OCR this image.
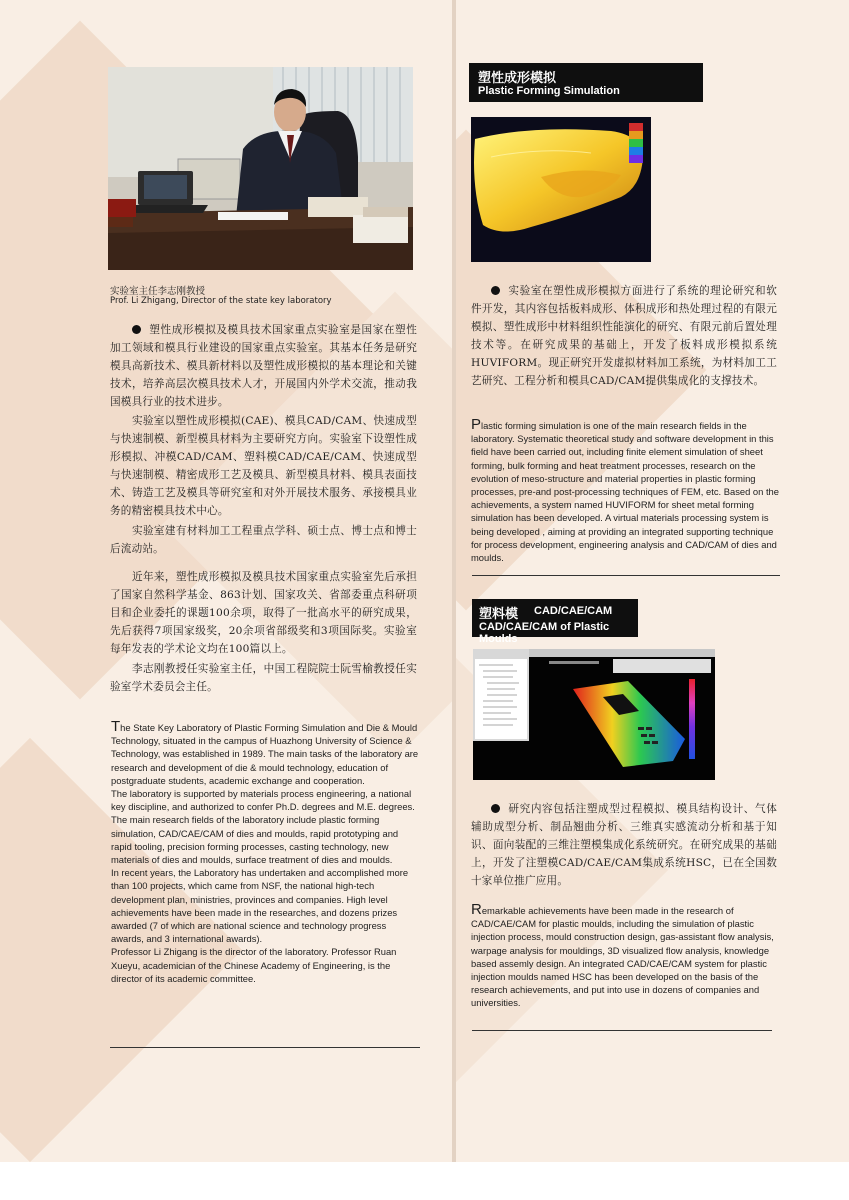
实验室主任李志刚教授
Prof. Li Zhigang, Director of the state key laboratory
塑性成形模拟及模具技术国家重点实验室是国家在塑性加工领域和模具行业建设的国家重点实验室。其基本任务是研究模具高新技术、模具新材料以及塑性成形模拟的基本理论和关键技术，培养高层次模具技术人才，开展国内外学术交流，推动我国模具行业的技术进步。
实验室以塑性成形模拟(CAE)、模具CAD/CAM、快速成型与快速制模、新型模具材料为主要研究方向。实验室下设塑性成形模拟、冲模CAD/CAM、塑料模CAD/CAE/CAM、快速成型与快速制模、精密成形工艺及模具、新型模具材料、模具表面技术、铸造工艺及模具等研究室和对外开展技术服务、承接模具业务的精密模具技术中心。
实验室建有材料加工工程重点学科、硕士点、博士点和博士后流动站。
近年来，塑性成形模拟及模具技术国家重点实验室先后承担了国家自然科学基金、863计划、国家攻关、省部委重点科研项目和企业委托的课题100余项，取得了一批高水平的研究成果，先后获得7项国家级奖，20余项省部级奖和3项国际奖。实验室每年发表的学术论文均在100篇以上。
李志刚教授任实验室主任，中国工程院院士阮雪榆教授任实验室学术委员会主任。
The State Key Laboratory of Plastic Forming Simulation and Die & Mould Technology, situated in the campus of Huazhong University of Science & Technology, was established in 1989. The main tasks of the laboratory are research and development of die & mould technology, education of postgraduate students, academic exchange and cooperation.
The laboratory is supported by materials process engineering, a national key discipline, and authorized to confer Ph.D. degrees and M.E. degrees.
The main research fields of the laboratory include plastic forming simulation, CAD/CAE/CAM of dies and moulds, rapid prototyping and rapid tooling, precision forming processes, casting technology, new materials of dies and moulds, surface treatment of dies and moulds.
In recent years, the Laboratory has undertaken and accomplished more than 100 projects, which came from NSF, the national high-tech development plan, ministries, provinces and companies. High level achievements have been made in the researches, and dozens prizes awarded (7 of which are national science and technology progress awards, and 3 international awards).
Professor Li Zhigang is the director of the laboratory. Professor Ruan Xueyu, academician of the Chinese Academy of Engineering, is the director of its academic committee.
塑性成形模拟
Plastic Forming Simulation
实验室在塑性成形模拟方面进行了系统的理论研究和软件开发，其内容包括板料成形、体积成形和热处理过程的有限元模拟、塑性成形中材料组织性能演化的研究、有限元前后置处理技术等。在研究成果的基础上，开发了板料成形模拟系统HUVIFORM。现正研究开发虚拟材料加工系统，为材料加工工艺研究、工程分析和模具CAD/CAM提供集成化的支撑技术。
Plastic forming simulation is one of the main research fields in the laboratory. Systematic theoretical study and software development in this field have been carried out, including finite element simulation of sheet forming, bulk forming and heat treatment processes, research on the evolution of meso-structure and material properties in plastic forming processes, pre-and post-processing techniques of FEM, etc. Based on the achievements, a system named HUVIFORM for sheet metal forming simulation has been developed. A virtual materials processing system is being developed , aiming at providing an integrated supporting technique for process development, engineering analysis and CAD/CAM of dies and moulds.
塑料模 CAD/CAE/CAM
CAD/CAE/CAM of Plastic Moulds
研究内容包括注塑成型过程模拟、模具结构设计、气体辅助成型分析、制品翘曲分析、三维真实感流动分析和基于知识、面向装配的三维注塑模集成化系统研究。在研究成果的基础上，开发了注塑模CAD/CAE/CAM集成系统HSC，已在全国数十家单位推广应用。
Remarkable achievements have been made in the research of CAD/CAE/CAM for plastic moulds, including the simulation of plastic injection process, mould construction design, gas-assistant flow analysis, warpage analysis for mouldings, 3D visualized flow analysis, knowledge based assemly design. An integrated CAD/CAE/CAM system for plastic injection moulds named HSC has been developed on the basis of the research achievements, and put into use in dozens of companies and universities.
